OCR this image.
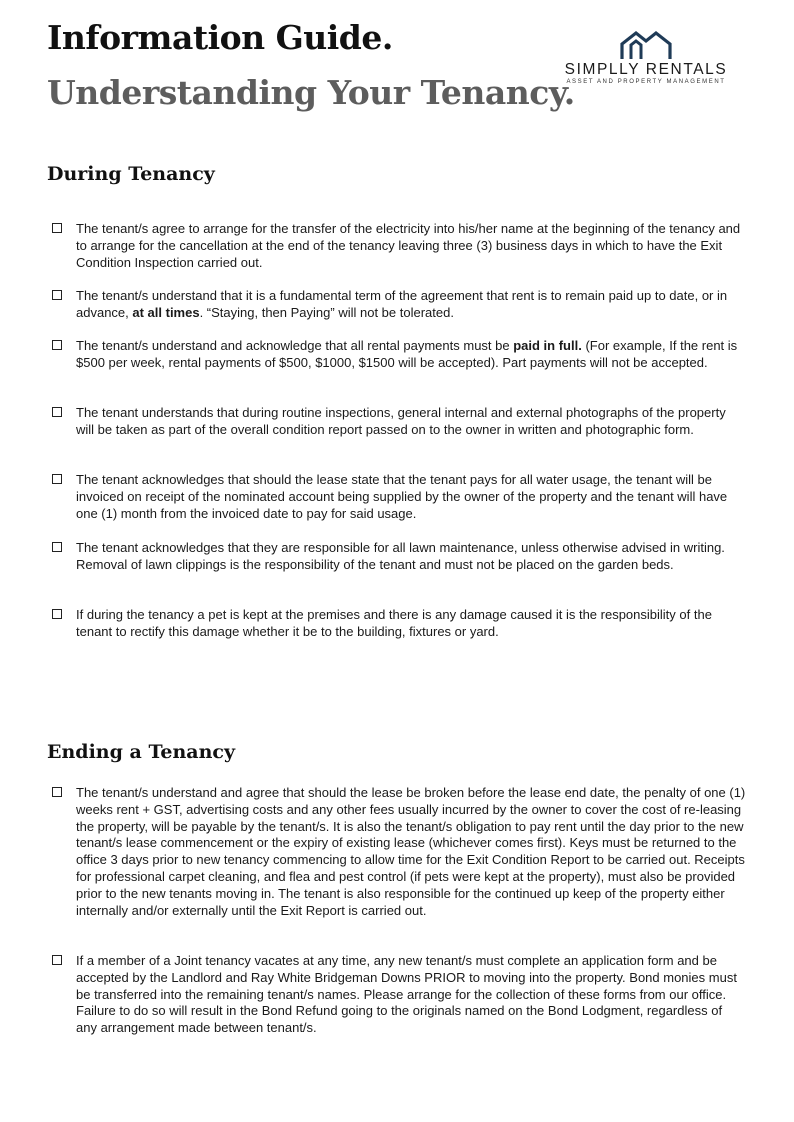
Information Guide.
Understanding Your Tenancy.
SIMPLLY RENTALS
ASSET AND PROPERTY MANAGEMENT
During Tenancy
The tenant/s agree to arrange for the transfer of the electricity into his/her name at the beginning of the tenancy and to arrange for the cancellation at the end of the tenancy leaving three (3) business days in which to have the Exit Condition Inspection carried out.
The tenant/s understand that it is a fundamental term of the agreement that rent is to remain paid up to date, or in advance, at all times. “Staying, then Paying” will not be tolerated.
The tenant/s understand and acknowledge that all rental payments must be paid in full. (For example, If the rent is $500 per week, rental payments of $500, $1000, $1500 will be accepted). Part payments will not be accepted.
The tenant understands that during routine inspections, general internal and external photographs of the property will be taken as part of the overall condition report passed on to the owner in written and photographic form.
The tenant acknowledges that should the lease state that the tenant pays for all water usage, the tenant will be invoiced on receipt of the nominated account being supplied by the owner of the property and the tenant will have one (1) month from the invoiced date to pay for said usage.
The tenant acknowledges that they are responsible for all lawn maintenance, unless otherwise advised in writing. Removal of lawn clippings is the responsibility of the tenant and must not be placed on the garden beds.
If during the tenancy a pet is kept at the premises and there is any damage caused it is the responsibility of the tenant to rectify this damage whether it be to the building, fixtures or yard.
Ending a Tenancy
The tenant/s understand and agree that should the lease be broken before the lease end date, the penalty of one (1) weeks rent + GST, advertising costs and any other fees usually incurred by the owner to cover the cost of re-leasing the property, will be payable by the tenant/s. It is also the tenant/s obligation to pay rent until the day prior to the new tenant/s lease commencement or the expiry of existing lease (whichever comes first). Keys must be returned to the office 3 days prior to new tenancy commencing to allow time for the Exit Condition Report to be carried out. Receipts for professional carpet cleaning, and flea and pest control (if pets were kept at the property), must also be provided prior to the new tenants moving in. The tenant is also responsible for the continued up keep of the property either internally and/or externally until the Exit Report is carried out.
If a member of a Joint tenancy vacates at any time, any new tenant/s must complete an application form and be accepted by the Landlord and Ray White Bridgeman Downs PRIOR to moving into the property. Bond monies must be transferred into the remaining tenant/s names. Please arrange for the collection of these forms from our office. Failure to do so will result in the Bond Refund going to the originals named on the Bond Lodgment, regardless of any arrangement made between tenant/s.
